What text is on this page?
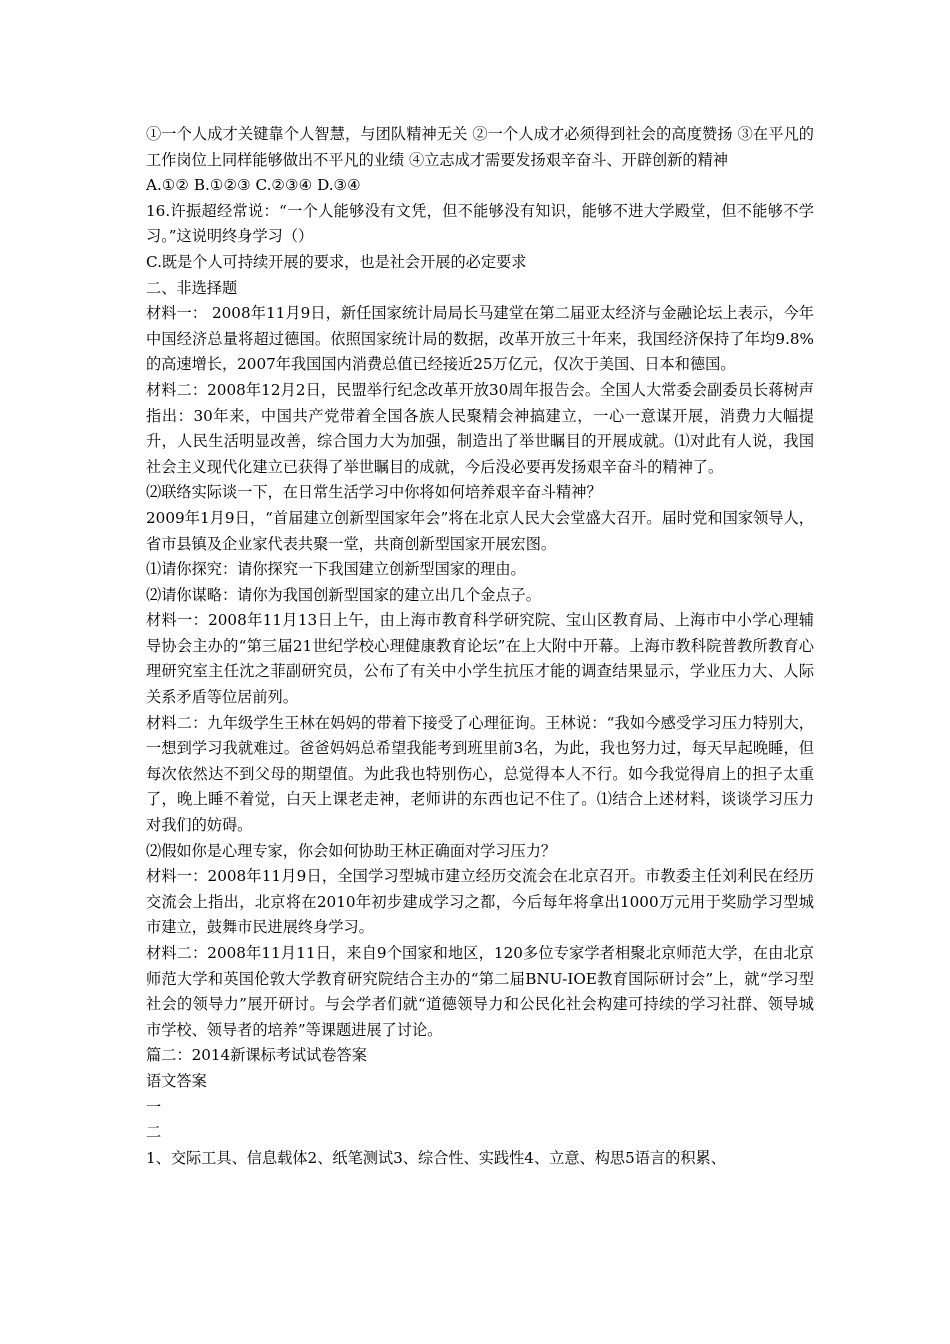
①一个人成才关键靠个人智慧，与团队精神无关 ②一个人成才必须得到社会的高度赞扬 ③在平凡的工作岗位上同样能够做出不平凡的业绩 ④立志成才需要发扬艰辛奋斗、开辟创新的精神

A.①② B.①②③ C.②③④ D.③④

16.许振超经常说：“一个人能够没有文凭，但不能够没有知识，能够不进大学殿堂，但不能够不学习。”这说明终身学习（）

C.既是个人可持续开展的要求，也是社会开展的必定要求

二、非选择题

材料一： 2008年11月9日，新任国家统计局局长马建堂在第二届亚太经济与金融论坛上表示，今年中国经济总量将超过德国。依照国家统计局的数据，改革开放三十年来，我国经济保持了年均9.8%的高速增长，2007年我国国内消费总值已经接近25万亿元，仅次于美国、日本和德国。

材料二：2008年12月2日，民盟举行纪念改革开放30周年报告会。全国人大常委会副委员长蒋树声指出：30年来，中国共产党带着全国各族人民聚精会神搞建立，一心一意谋开展，消费力大幅提升，人民生活明显改善，综合国力大为加强，制造出了举世瞩目的开展成就。⑴对此有人说，我国社会主义现代化建立已获得了举世瞩目的成就，今后没必要再发扬艰辛奋斗的精神了。

⑵联络实际谈一下，在日常生活学习中你将如何培养艰辛奋斗精神？

2009年1月9日，“首届建立创新型国家年会”将在北京人民大会堂盛大召开。届时党和国家领导人，省市县镇及企业家代表共聚一堂，共商创新型国家开展宏图。

⑴请你探究：请你探究一下我国建立创新型国家的理由。

⑵请你谋略：请你为我国创新型国家的建立出几个金点子。

材料一：2008年11月13日上午，由上海市教育科学研究院、宝山区教育局、上海市中小学心理辅导协会主办的“第三届21世纪学校心理健康教育论坛”在上大附中开幕。上海市教科院普教所教育心理研究室主任沈之菲副研究员，公布了有关中小学生抗压才能的调查结果显示，学业压力大、人际关系矛盾等位居前列。

材料二：九年级学生王林在妈妈的带着下接受了心理征询。王林说：“我如今感受学习压力特别大，一想到学习我就难过。爸爸妈妈总希望我能考到班里前3名，为此，我也努力过，每天早起晚睡，但每次依然达不到父母的期望值。为此我也特别伤心，总觉得本人不行。如今我觉得肩上的担子太重了，晚上睡不着觉，白天上课老走神，老师讲的东西也记不住了。⑴结合上述材料，谈谈学习压力对我们的妨碍。

⑵假如你是心理专家，你会如何协助王林正确面对学习压力？

材料一：2008年11月9日，全国学习型城市建立经历交流会在北京召开。市教委主任刘利民在经历交流会上指出，北京将在2010年初步建成学习之都，今后每年将拿出1000万元用于奖励学习型城市建立，鼓舞市民进展终身学习。

材料二：2008年11月11日，来自9个国家和地区，120多位专家学者相聚北京师范大学，在由北京师范大学和英国伦敦大学教育研究院结合主办的“第二届BNU-IOE教育国际研讨会”上，就“学习型社会的领导力”展开研讨。与会学者们就“道德领导力和公民化社会构建可持续的学习社群、领导城市学校、领导者的培养”等课题进展了讨论。

篇二：2014新课标考试试卷答案

语文答案

一

二

1、交际工具、信息载体2、纸笔测试3、综合性、实践性4、立意、构思5语言的积累、
